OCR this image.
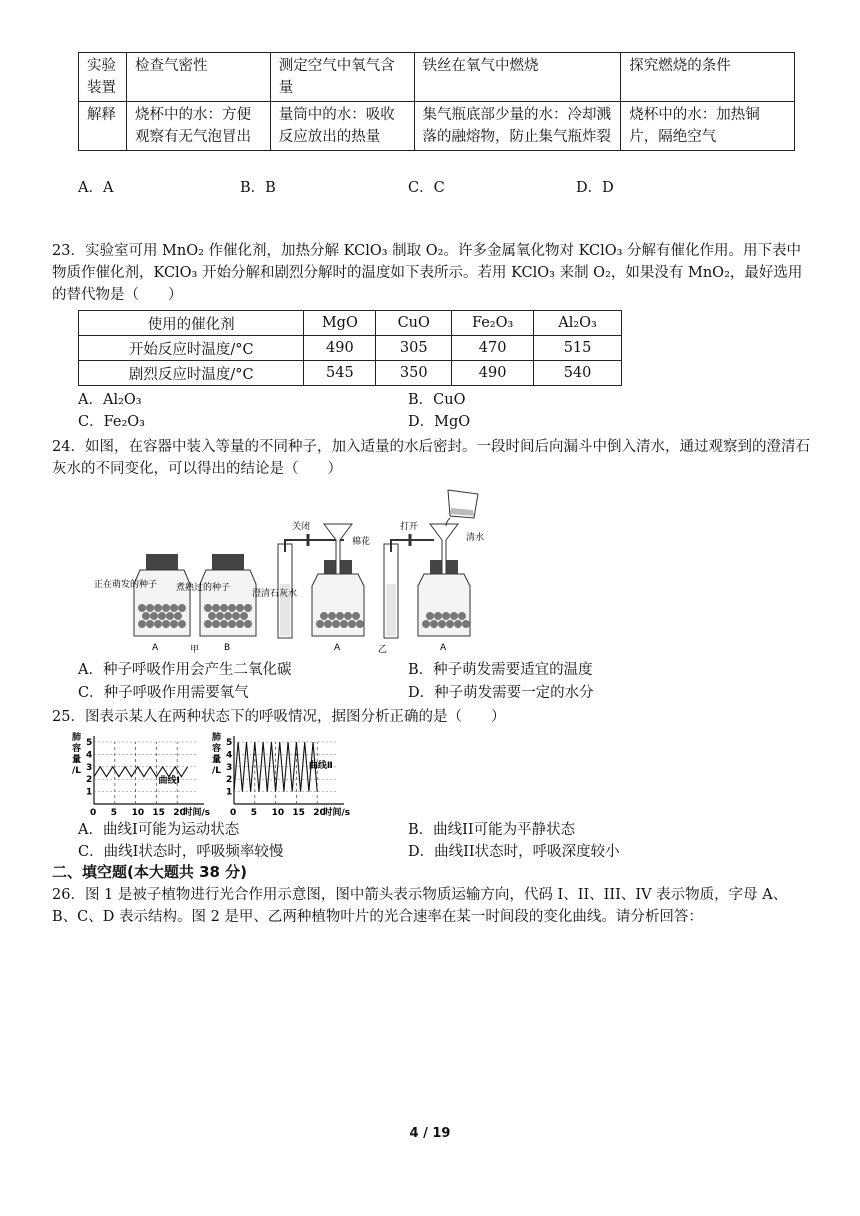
实验装置	检查气密性	测定空气中氧气含量	铁丝在氧气中燃烧	探究燃烧的条件
解释	烧杯中的水：方便观察有无气泡冒出	量筒中的水：吸收反应放出的热量	集气瓶底部少量的水：冷却溅落的融熔物，防止集气瓶炸裂	烧杯中的水：加热铜片，隔绝空气
A．A	B．B	C．C	D．D
23．实验室可用 MnO₂ 作催化剂，加热分解 KClO₃ 制取 O₂。许多金属氧化物对 KClO₃ 分解有催化作用。用下表中物质作催化剂，KClO₃ 开始分解和剧烈分解时的温度如下表所示。若用 KClO₃ 来制 O₂，如果没有 MnO₂，最好选用的替代物是（　　）
使用的催化剂	MgO	CuO	Fe₂O₃	Al₂O₃
开始反应时温度/°C	490	305	470	515
剧烈反应时温度/°C	545	350	490	540
A．Al₂O₃	B．CuO
C．Fe₂O₃	D．MgO
24．如图，在容器中装入等量的不同种子，加入适量的水后密封。一段时间后向漏斗中倒入清水，通过观察到的澄清石灰水的不同变化，可以得出的结论是（　　）
正在萌发的种子 煮熟过的种子
关闭
棉花
澄清石灰水
打开
清水
A	B	A	A
甲	乙
A．种子呼吸作用会产生二氧化碳	B．种子萌发需要适宜的温度
C．种子呼吸作用需要氧气	D．种子萌发需要一定的水分
25．图表示某人在两种状态下的呼吸情况，据图分析正确的是（　　）
肺容量/L
1
2
3
4
5
0 5 10 15 20
时间/s
曲线Ⅰ
肺容量/L
1
2
3
4
5
0 5 10 15 20
时间/s
曲线Ⅱ
A．曲线I可能为运动状态	B．曲线II可能为平静状态
C．曲线I状态时，呼吸频率较慢	D．曲线II状态时，呼吸深度较小
二、填空题(本大题共 38 分)
26．图 1 是被子植物进行光合作用示意图，图中箭头表示物质运输方向，代码 I、II、III、IV 表示物质，字母 A、B、C、D 表示结构。图 2 是甲、乙两种植物叶片的光合速率在某一时间段的变化曲线。请分析回答：
4 / 19
